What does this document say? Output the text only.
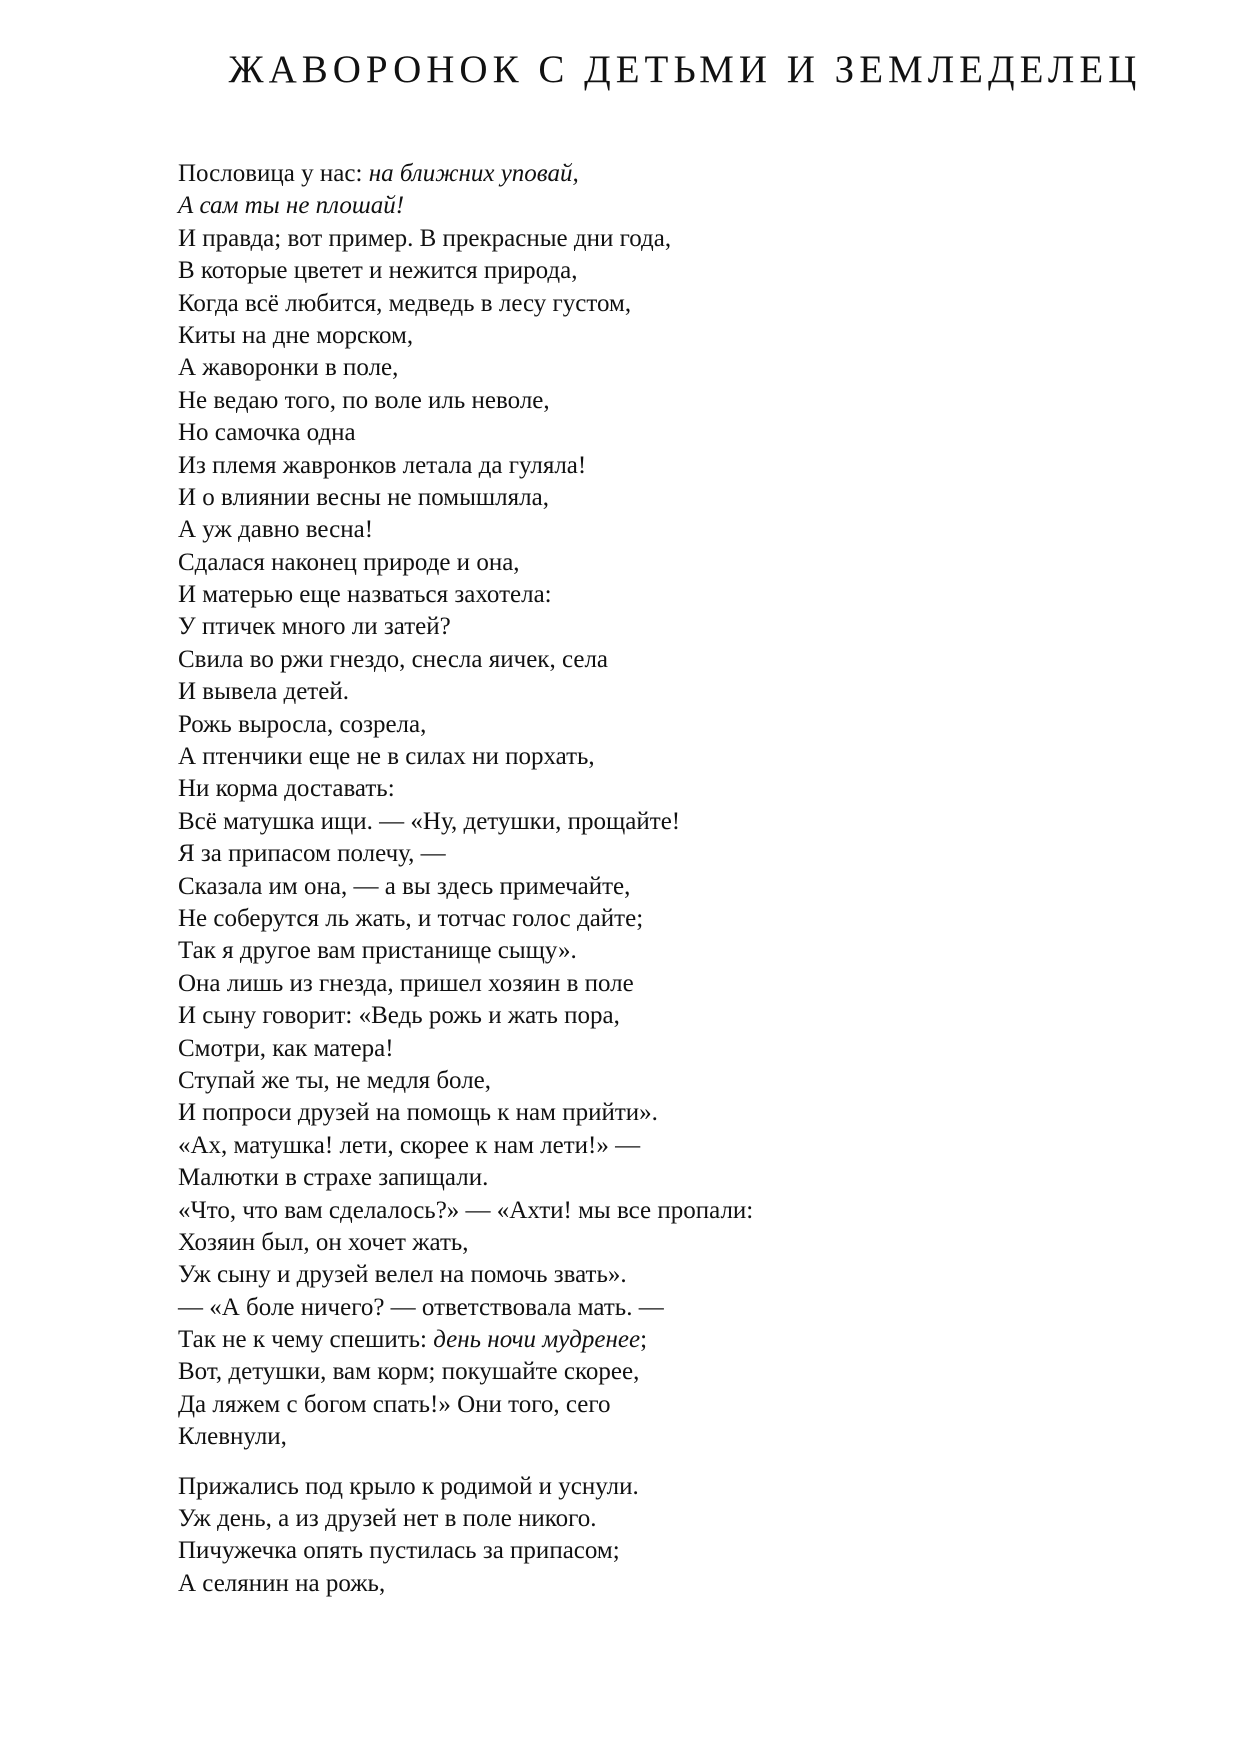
ЖАВОРОНОК С ДЕТЬМИ И ЗЕМЛЕДЕЛЕЦ
Пословица у нас: на ближних уповай,
А сам ты не плошай!
И правда; вот пример. В прекрасные дни года,
В которые цветет и нежится природа,
Когда всё любится, медведь в лесу густом,
Киты на дне морском,
А жаворонки в поле,
Не ведаю того, по воле иль неволе,
Но самочка одна
Из племя жавронков летала да гуляла!
И о влиянии весны не помышляла,
А уж давно весна!
Сдалася наконец природе и она,
И матерью еще назваться захотела:
У птичек много ли затей?
Свила во ржи гнездо, снесла яичек, села
И вывела детей.
Рожь выросла, созрела,
А птенчики еще не в силах ни порхать,
Ни корма доставать:
Всё матушка ищи. — «Ну, детушки, прощайте!
Я за припасом полечу, —
Сказала им она, — а вы здесь примечайте,
Не соберутся ль жать, и тотчас голос дайте;
Так я другое вам пристанище сыщу».
Она лишь из гнезда, пришел хозяин в поле
И сыну говорит: «Ведь рожь и жать пора,
Смотри, как матера!
Ступай же ты, не медля боле,
И попроси друзей на помощь к нам прийти».
«Ах, матушка! лети, скорее к нам лети!» —
Малютки в страхе запищали.
«Что, что вам сделалось?» — «Ахти! мы все пропали:
Хозяин был, он хочет жать,
Уж сыну и друзей велел на помочь звать».
— «А боле ничего? — ответствовала мать. —
Так не к чему спешить: день ночи мудренее;
Вот, детушки, вам корм; покушайте скорее,
Да ляжем с богом спать!» Они того, сего
Клевнули,
Прижались под крыло к родимой и уснули.
Уж день, а из друзей нет в поле никого.
Пичужечка опять пустилась за припасом;
А селянин на рожь,
